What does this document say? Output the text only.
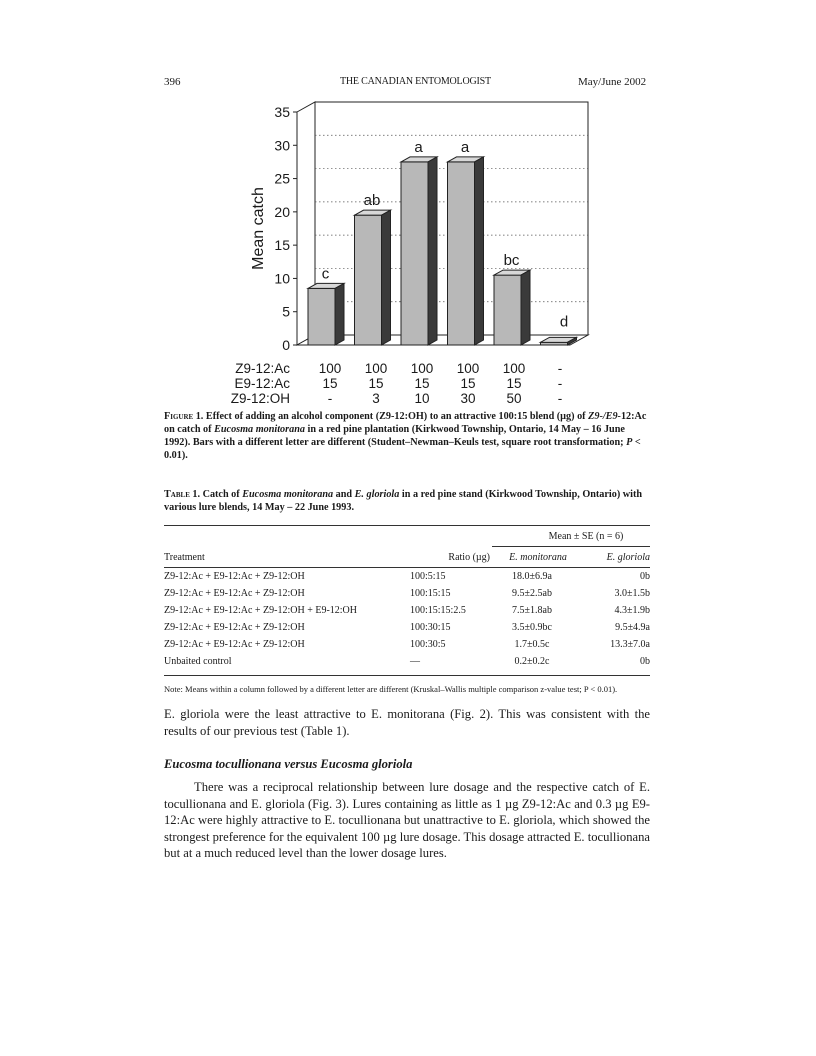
396	THE CANADIAN ENTOMOLOGIST	May/June 2002
0
5
10
15
20
25
30
35
Mean catch
c
ab
a	a
bc
d
Z9-12:Ac 100 100 100 100 100 -
E9-12:Ac 15 15 15 15 15	-
Z9-12:OH	-	3	10 30 50	-
Figure 1. Effect of adding an alcohol component (Z9-12:OH) to an attractive 100:15 blend (µg) of Z9-/E9-12:Ac on catch of Eucosma monitorana in a red pine plantation (Kirkwood Township, Ontario, 14 May – 16 June 1992). Bars with a different letter are different (Student–Newman–Keuls test, square root transformation; P < 0.01).
Table 1. Catch of Eucosma monitorana and E. gloriola in a red pine stand (Kirkwood Township, Ontario) with various lure blends, 14 May – 22 June 1993.
Mean ± SE (n = 6)
Treatment	Ratio (µg)	E. monitorana	E. gloriola
Z9-12:Ac + E9-12:Ac + Z9-12:OH	100:5:15	18.0±6.9a	0b
Z9-12:Ac + E9-12:Ac + Z9-12:OH	100:15:15	9.5±2.5ab	3.0±1.5b
Z9-12:Ac + E9-12:Ac + Z9-12:OH + E9-12:OH	100:15:15:2.5	7.5±1.8ab	4.3±1.9b
Z9-12:Ac + E9-12:Ac + Z9-12:OH	100:30:15	3.5±0.9bc	9.5±4.9a
Z9-12:Ac + E9-12:Ac + Z9-12:OH	100:30:5	1.7±0.5c	13.3±7.0a
Unbaited control	—	0.2±0.2c	0b
Note: Means within a column followed by a different letter are different (Kruskal–Wallis multiple comparison z-value test; P < 0.01).
E. gloriola were the least attractive to E. monitorana (Fig. 2). This was consistent with the results of our previous test (Table 1).
Eucosma tocullionana versus Eucosma gloriola
There was a reciprocal relationship between lure dosage and the respective catch of E. tocullionana and E. gloriola (Fig. 3). Lures containing as little as 1 µg Z9-12:Ac and 0.3 µg E9-12:Ac were highly attractive to E. tocullionana but unattractive to E. gloriola, which showed the strongest preference for the equivalent 100 µg lure dosage. This dosage attracted E. tocullionana but at a much reduced level than the lower dosage lures.
